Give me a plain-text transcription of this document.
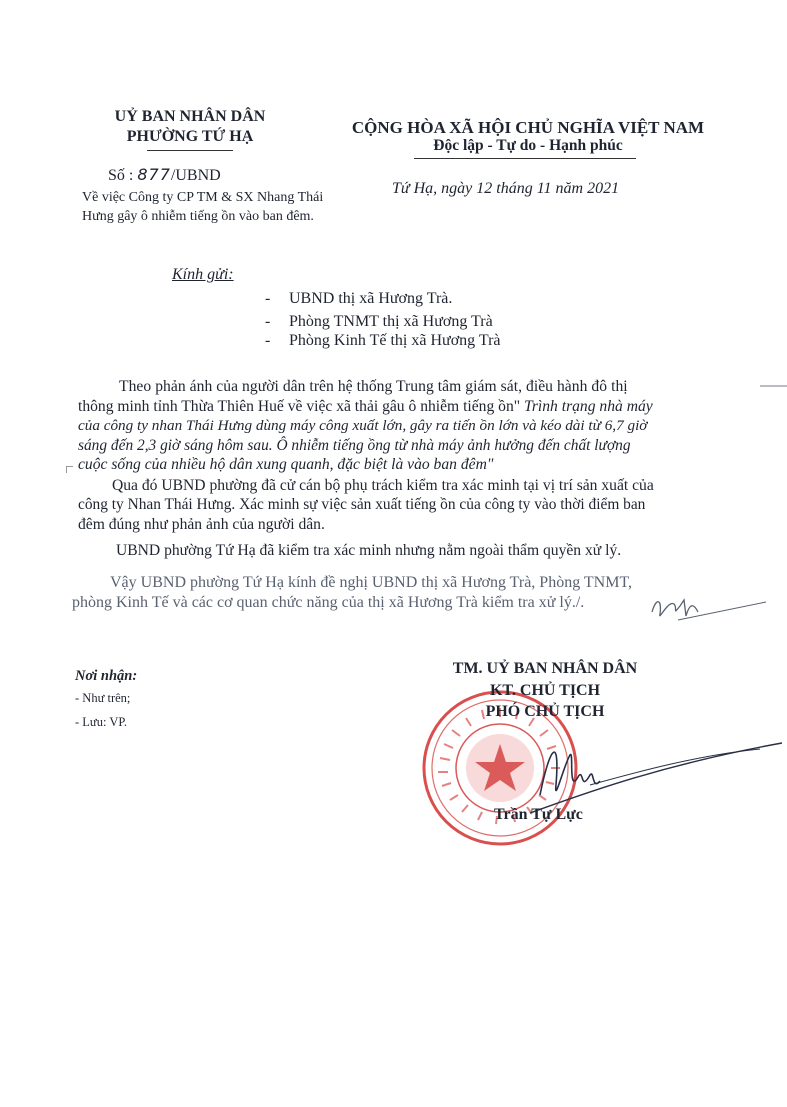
UỶ BAN NHÂN DÂN
PHƯỜNG TỨ HẠ	CỘNG HÒA XÃ HỘI CHỦ NGHĨA VIỆT NAM
Độc lập - Tự do - Hạnh phúc
Số : 877/UBND
Về việc Công ty CP TM & SX Nhang Thái Hưng gây ô nhiễm tiếng ồn vào ban đêm.
Tứ Hạ, ngày 12 tháng 11 năm 2021
Kính gửi:
- UBND thị xã Hương Trà.
- Phòng TNMT thị xã Hương Trà
- Phòng Kinh Tế thị xã Hương Trà
Theo phản ánh của người dân trên hệ thống Trung tâm giám sát, điều hành đô thị
thông minh tỉnh Thừa Thiên Huế về việc xã thải gâu ô nhiễm tiếng ồn" Trình trạng nhà máy
của công ty nhan Thái Hưng dùng máy công xuất lớn, gây ra tiến ồn lớn và kéo dài từ 6,7 giờ
sáng đến 2,3 giờ sáng hôm sau. Ô nhiễm tiếng ồng từ nhà máy ảnh hưởng đến chất lượng
cuộc sống của nhiều hộ dân xung quanh, đặc biệt là vào ban đêm"
Qua đó UBND phường đã cử cán bộ phụ trách kiểm tra xác minh tại vị trí sản xuất của
công ty Nhan Thái Hưng. Xác minh sự việc sản xuất tiếng ồn của công ty vào thời điểm ban
đêm đúng như phản ảnh của người dân.
UBND phường Tứ Hạ đã kiểm tra xác minh nhưng nằm ngoài thẩm quyền xử lý.
Vậy UBND phường Tứ Hạ kính đề nghị UBND thị xã Hương Trà, Phòng TNMT,
phòng Kinh Tế và các cơ quan chức năng của thị xã Hương Trà kiểm tra xử lý./.
Nơi nhận:
- Như trên;
- Lưu: VP.
TM. UỶ BAN NHÂN DÂN
KT. CHỦ TỊCH
PHÓ CHỦ TỊCH
Trần Tự Lực
